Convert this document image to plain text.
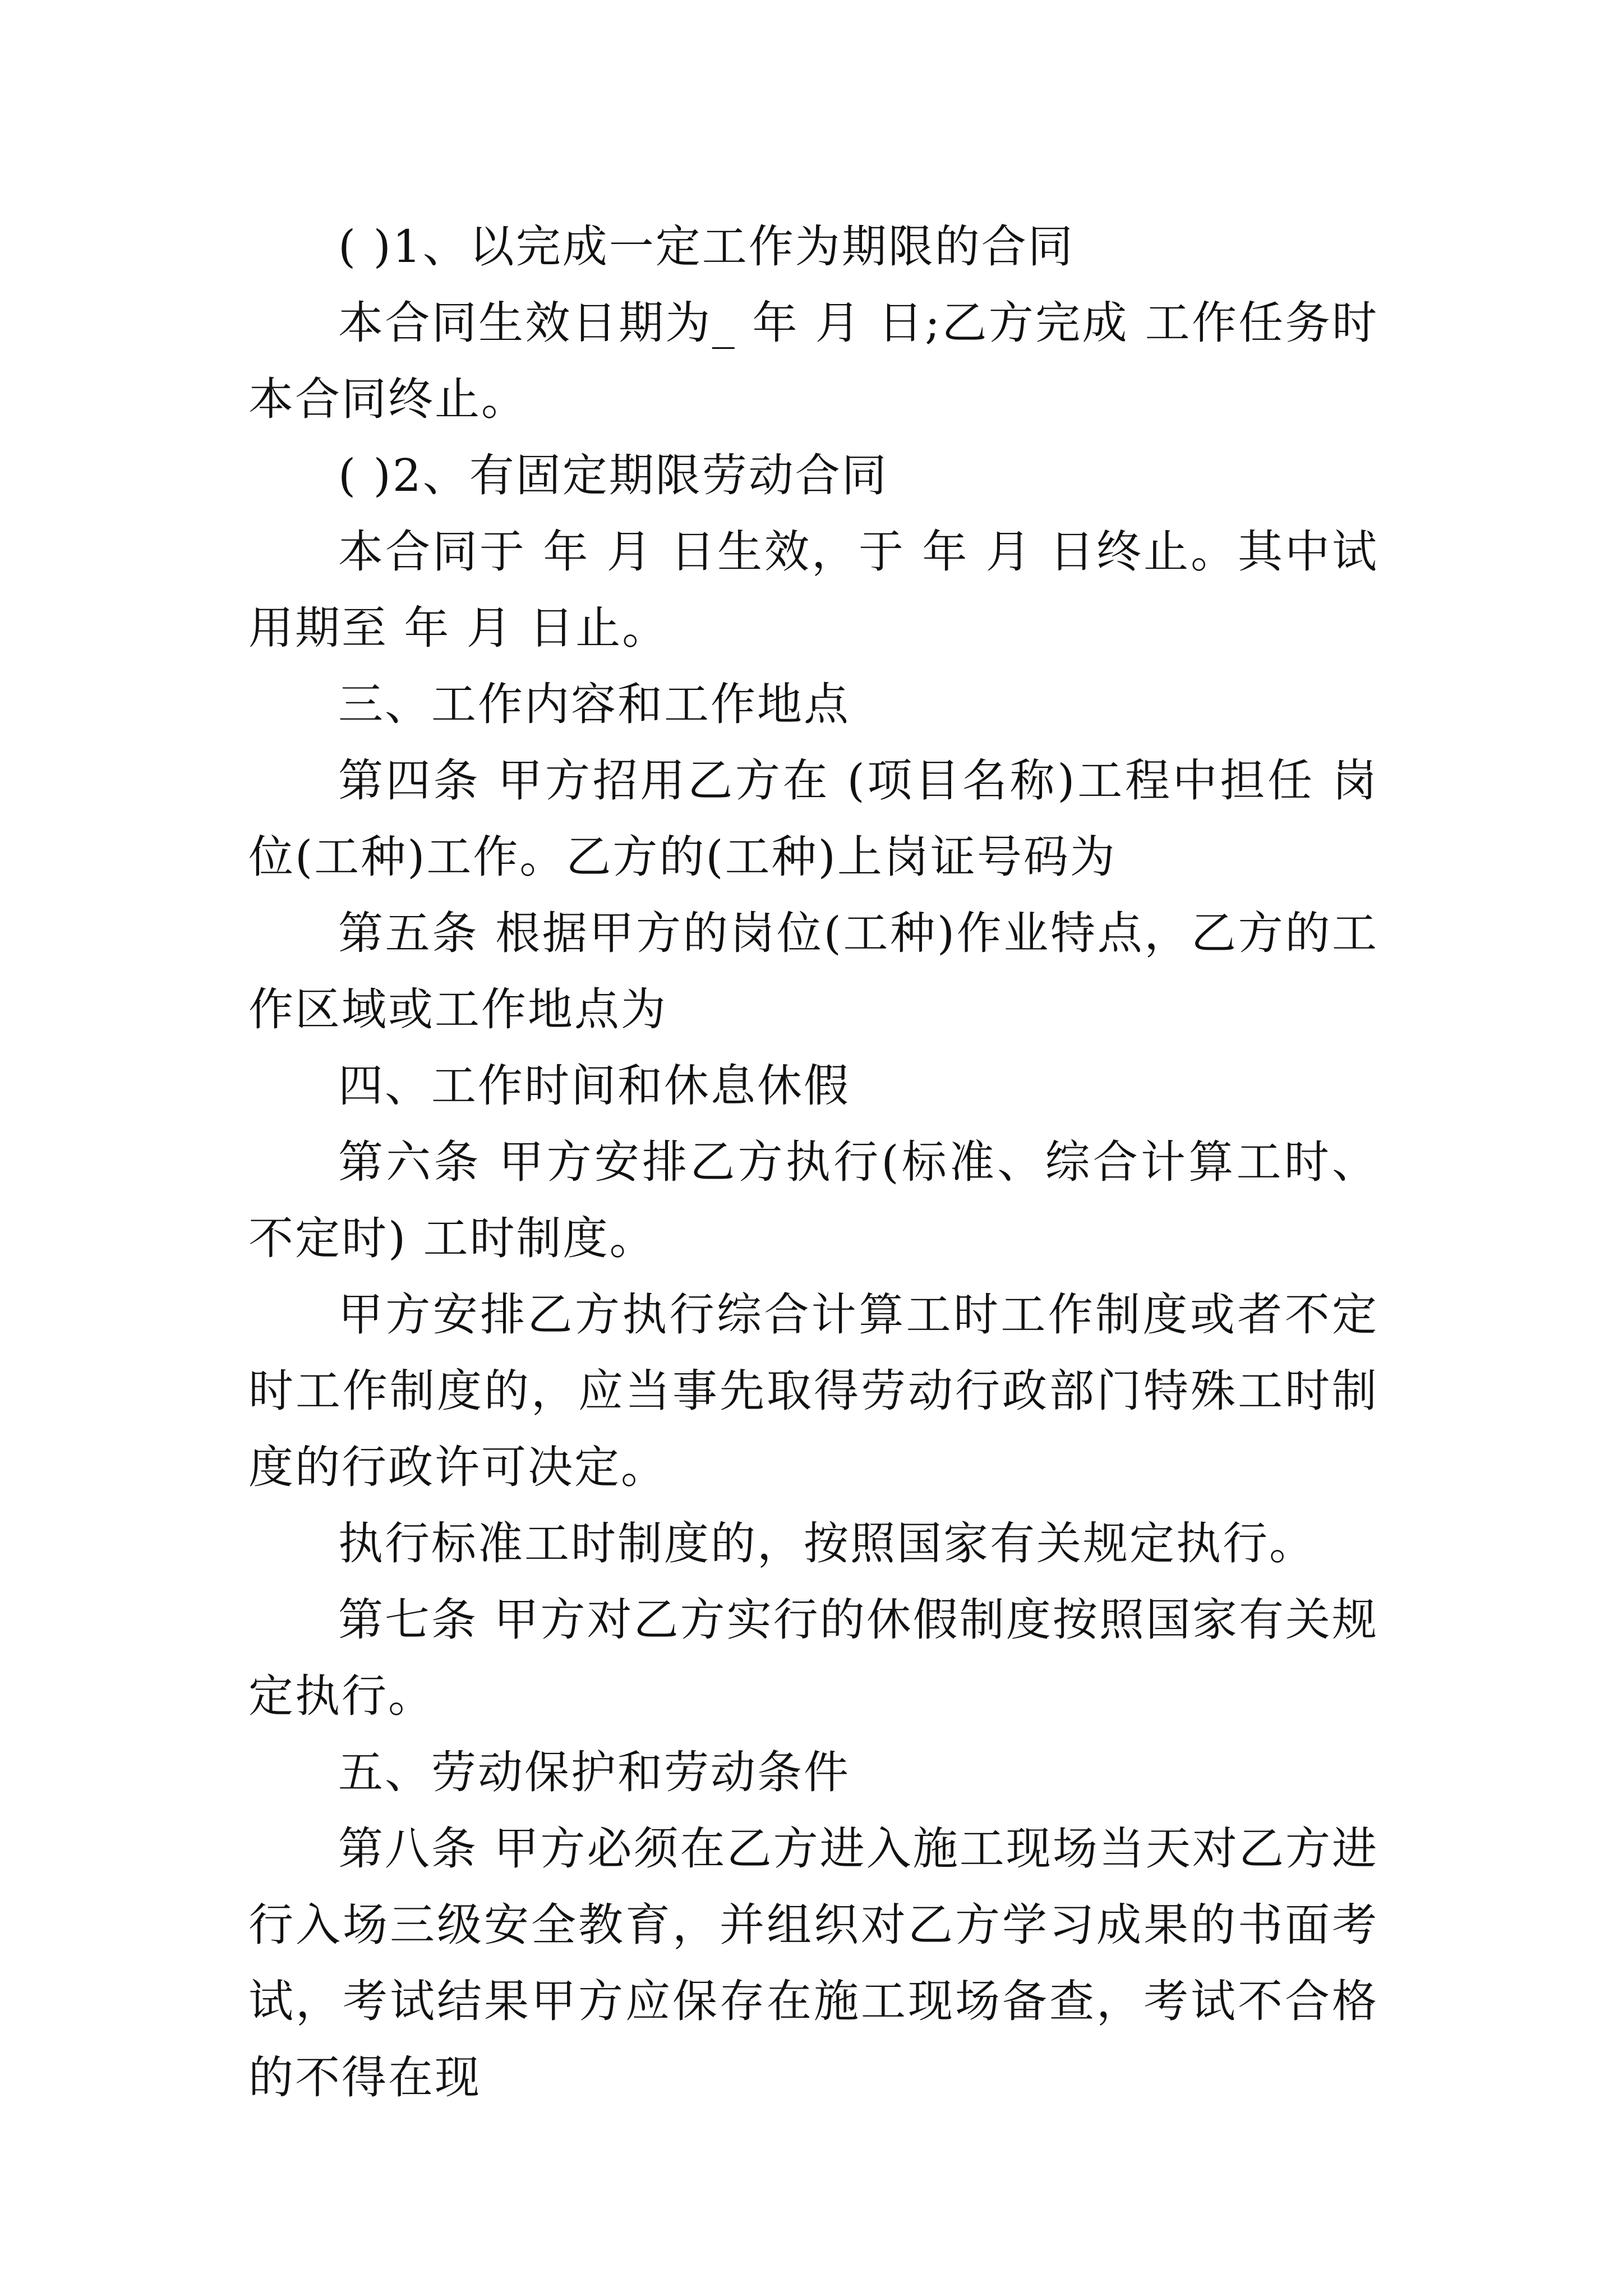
( )1、以完成一定工作为期限的合同

本合同生效日期为_ 年 月 日;乙方完成 工作任务时本合同终止。

( )2、有固定期限劳动合同

本合同于 年 月 日生效，于 年 月 日终止。其中试用期至 年 月 日止。

三、工作内容和工作地点

第四条 甲方招用乙方在 (项目名称)工程中担任 岗位(工种)工作。乙方的(工种)上岗证号码为

第五条 根据甲方的岗位(工种)作业特点，乙方的工作区域或工作地点为

四、工作时间和休息休假

第六条 甲方安排乙方执行(标准、综合计算工时、不定时) 工时制度。

甲方安排乙方执行综合计算工时工作制度或者不定时工作制度的，应当事先取得劳动行政部门特殊工时制度的行政许可决定。

执行标准工时制度的，按照国家有关规定执行。

第七条 甲方对乙方实行的休假制度按照国家有关规定执行。

五、劳动保护和劳动条件

第八条 甲方必须在乙方进入施工现场当天对乙方进行入场三级安全教育，并组织对乙方学习成果的书面考试，考试结果甲方应保存在施工现场备查，考试不合格的不得在现
